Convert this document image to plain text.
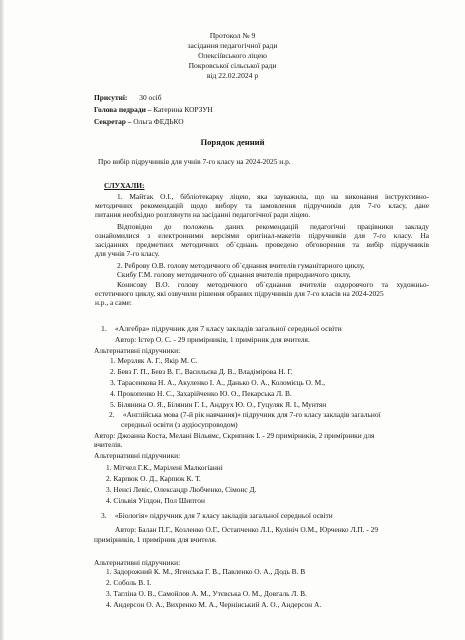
Протокол № 9
засідання педагогічної ради
Олексіївського ліцею
Покровської сільської ради
від 22.02.2024 р
Присутні: 30 осіб
Голова педради – Катерина КОРЗУН
Секретар – Ольга ФЕДЬКО
Порядок денний
Про вибір підручників для учнів 7-го класу на 2024-2025 н.р.
СЛУХАЛИ:
1. Майтак О.І., бібліотекарку ліцею, яка зауважила, що на виконання інструктивно-
методичних рекомендацій щодо вибору та замовлення підручників для 7-го класу, дане
питання необхідно розглянути на засіданні педагогічної ради ліцею.
Відповідно до положень даних рекомендацій педагогічні працівники закладу
ознайомилися з електронними версіями оригінал-макетів підручників для 7-го класу. На
засіданнях предметних методичних об`єднань проведено обговорення та вибір підручників
для учнів 7-го класу.
2. Реброву О.В. голову методичного об`єднання вчителів гуманітарного циклу,
Скибу Г.М. голову методичного об`єднання вчителів природничого циклу,
Конисову В.О. голову методичного об`єднання вчителів оздоровчого та художньо-
естетичного циклу, які озвучили рішення обраних підручників для 7-го класів на 2024-2025
н.р., а саме:
1. «Алгебра» підручник для 7 класу закладів загальної середньої освіти
Автор: Істер О. С. - 29 примірників, 1 примірник для вчителя.
Альтернативні підручники:
1. Мерзляк А. Г., Якір М. С.
2. Бевз Г. П., Бевз В. Г., Васильєва Д. В., Владімірова Н. Г.
3. Тарасенкова Н. А., Акуленко І. А., Данько О. А., Коломієць О. М.,
4. Прокопенко Н. С., Захарійченко Ю. О., Пекарська Л. В.
5. Білянина О. Я., Білянин Г. І., Андрух Ю. О., Гуцуляк Я. І., Мунтян
2. «Англійська мова (7-й рік навчання)» підручник для 7-го класу закладів загальної
середньої освіти (з аудіосупроводом)
Автор: Джоанна Коста, Мелані Вільямс, Скрипник І. - 29 примірників, 2 примірники для
вчителів.
Альтернативні підручники:
1. Мітчел Г.К., Марілені Малкогіанні
2. Карпюк О. Д., Карпюк К. Т.
3. Ненсі Левіс, Олександр Любченко, Сімонс Д.
4. Сільвія Уілдон, Пол Шиптон
3. «Біологія» підручник для 7 класу закладів загальної середньої освіти
Автор: Балан П.Г., Козленко О.Г., Остапченко Л.І., Кулініч О.М., Юрченко Л.П. - 29
примірників, 1 примірник для вчителя.
Альтернативні підручники:
1. Задорожний К. М., Ягенська Г. В., Павленко О. А., Додь В. В
2. Соболь В. І.
3. Тагліна О. В., Самойлов А. М., Утєвська О. М., Довгаль Л. В.
4. Андерсон О. А., Вихренко М. А., Чернінський А. О., Андерсон А.
